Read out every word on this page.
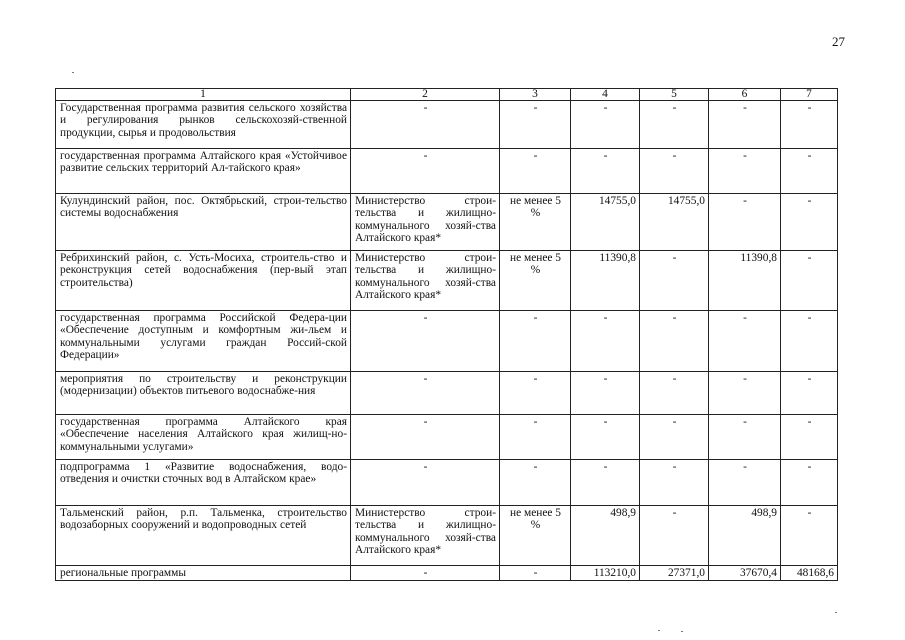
27
1	2	3	4	5	6	7
Государственная программа развития сельского хозяйства и регулирования рынков сельскохозяй-ственной продукции, сырья и продовольствия	-	-	-	-	-	-
государственная программа Алтайского края «Устойчивое развитие сельских территорий Ал-тайского края»	-	-	-	-	-	-
Кулундинский район, пос. Октябрьский, строи-тельство системы водоснабжения	Министерство строи-тельства и жилищно-коммунального хозяй-ства Алтайского края*	не менее 5 %	14755,0	14755,0	-	-
Ребрихинский район, с. Усть-Мосиха, строитель-ство и реконструкция сетей водоснабжения (пер-вый этап строительства)	Министерство строи-тельства и жилищно-коммунального хозяй-ства Алтайского края*	не менее 5 %	11390,8	-	11390,8	-
государственная программа Российской Федера-ции «Обеспечение доступным и комфортным жи-льем и коммунальными услугами граждан Россий-ской Федерации»	-	-	-	-	-	-
мероприятия по строительству и реконструкции (модернизации) объектов питьевого водоснабже-ния	-	-	-	-	-	-
государственная программа Алтайского края «Обеспечение населения Алтайского края жилищ-но-коммунальными услугами»	-	-	-	-	-	-
подпрограмма 1 «Развитие водоснабжения, водо-отведения и очистки сточных вод в Алтайском крае»	-	-	-	-	-	-
Тальменский район, р.п. Тальменка, строительство водозаборных сооружений и водопроводных сетей	Министерство строи-тельства и жилищно-коммунального хозяй-ства Алтайского края*	не менее 5 %	498,9	-	498,9	-
региональные программы	-	-	113210,0	27371,0	37670,4	48168,6
